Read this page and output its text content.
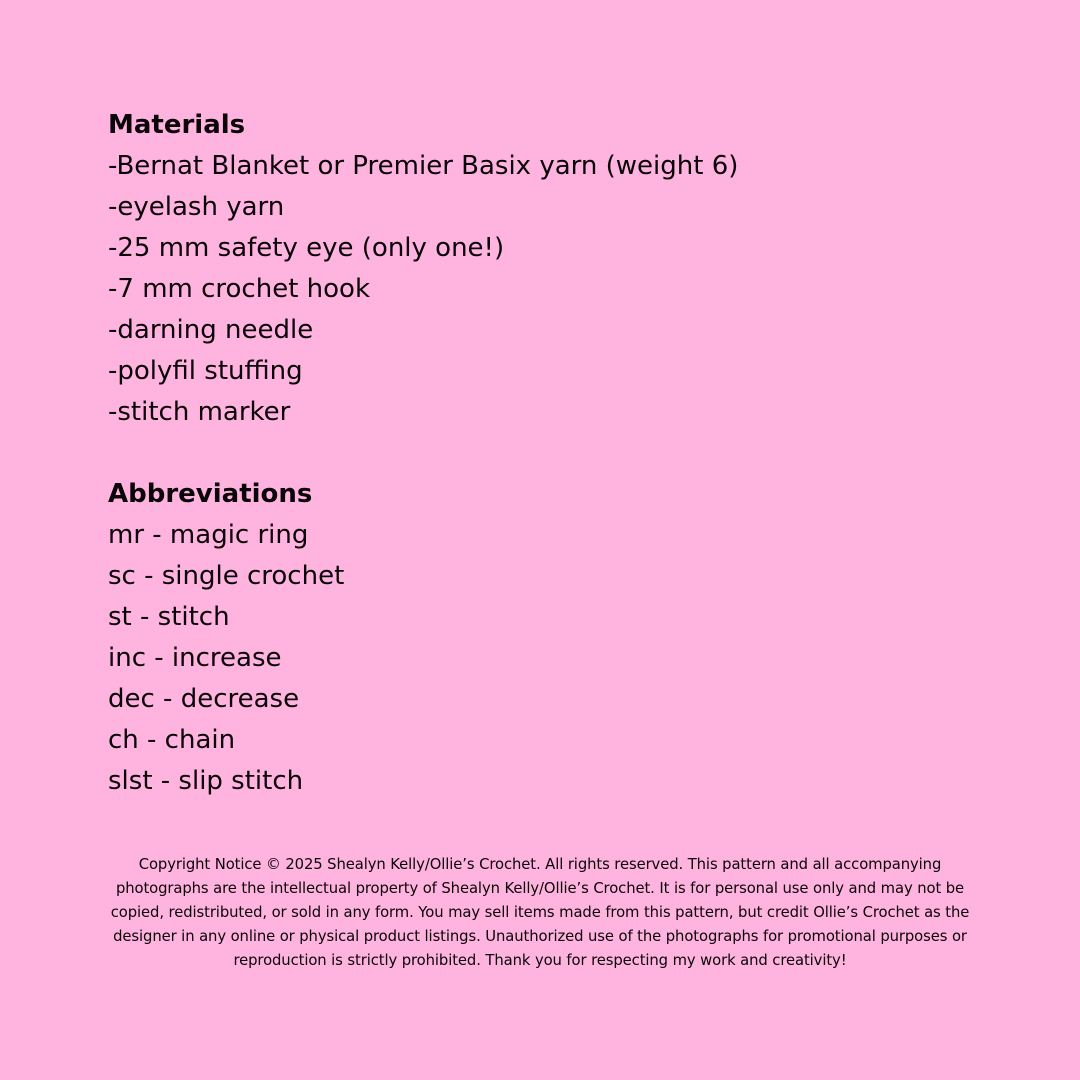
Materials
-Bernat Blanket or Premier Basix yarn (weight 6)
-eyelash yarn
-25 mm safety eye (only one!)
-7 mm crochet hook
-darning needle
-polyfil stuffing
-stitch marker
Abbreviations
mr - magic ring
sc - single crochet
st - stitch
inc - increase
dec - decrease
ch - chain
slst - slip stitch

Copyright Notice © 2025 Shealyn Kelly/Ollie’s Crochet. All rights reserved. This pattern and all accompanying photographs are the intellectual property of Shealyn Kelly/Ollie’s Crochet. It is for personal use only and may not be copied, redistributed, or sold in any form. You may sell items made from this pattern, but credit Ollie’s Crochet as the designer in any online or physical product listings. Unauthorized use of the photographs for promotional purposes or reproduction is strictly prohibited. Thank you for respecting my work and creativity!
